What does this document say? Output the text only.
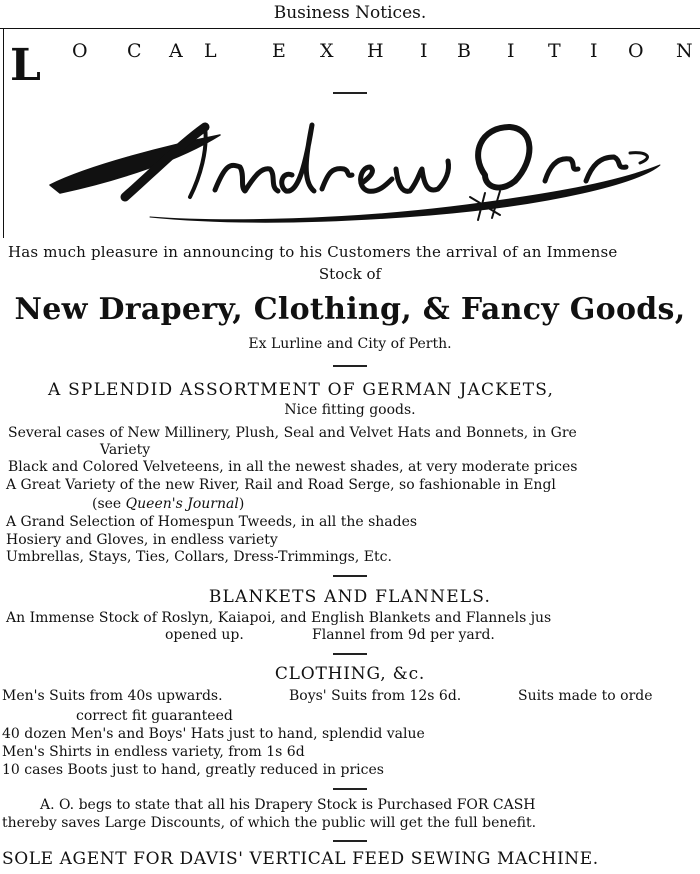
Business Notices.
L O C A L	E X H I B I T I O N
Has much pleasure in announcing to his Customers the arrival of an Immense
Stock of
New Drapery, Clothing, & Fancy Goods,
Ex Lurline and City of Perth.
A SPLENDID ASSORTMENT OF GERMAN JACKETS,
Nice fitting goods.
Several cases of New Millinery, Plush, Seal and Velvet Hats and Bonnets, in Gre
Variety
Black and Colored Velveteens, in all the newest shades, at very moderate prices
A Great Variety of the new River, Rail and Road Serge, so fashionable in Engl
(see Queen's Journal)
A Grand Selection of Homespun Tweeds, in all the shades
Hosiery and Gloves, in endless variety
Umbrellas, Stays, Ties, Collars, Dress-Trimmings, Etc.
BLANKETS AND FLANNELS.
An Immense Stock of Roslyn, Kaiapoi, and English Blankets and Flannels jus
opened up.	Flannel from 9d per yard.
CLOTHING, &c.
Men's Suits from 40s upwards.	Boys' Suits from 12s 6d.	Suits made to orde
correct fit guaranteed
40 dozen Men's and Boys' Hats just to hand, splendid value
Men's Shirts in endless variety, from 1s 6d
10 cases Boots just to hand, greatly reduced in prices
A. O. begs to state that all his Drapery Stock is Purchased FOR CASH
thereby saves Large Discounts, of which the public will get the full benefit.
SOLE AGENT FOR DAVIS' VERTICAL FEED SEWING MACHINE.
